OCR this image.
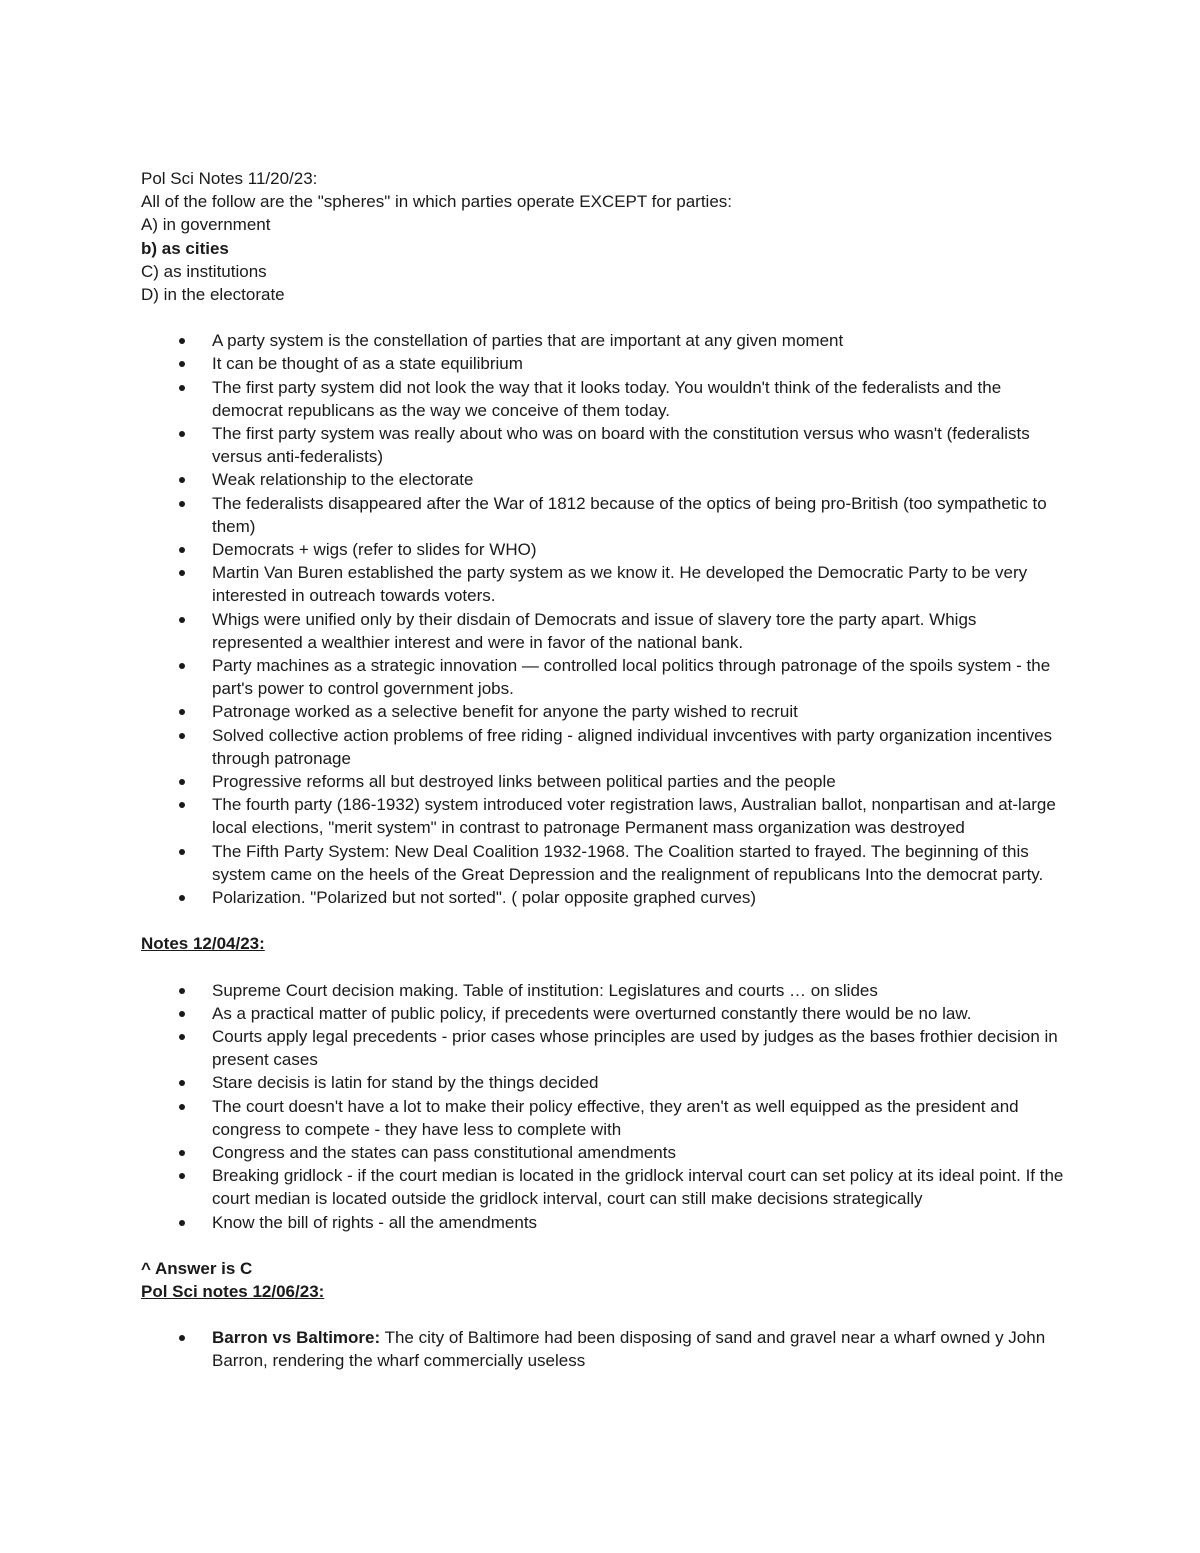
Pol Sci Notes 11/20/23:

All of the follow are the "spheres" in which parties operate EXCEPT for parties:

A) in government

b) as cities

C) as institutions

D) in the electorate

A party system is the constellation of parties that are important at any given moment
It can be thought of as a state equilibrium
The first party system did not look the way that it looks today. You wouldn't think of the federalists and the democrat republicans as the way we conceive of them today.
The first party system was really about who was on board with the constitution versus who wasn't (federalists versus anti-federalists)
Weak relationship to the electorate
The federalists disappeared after the War of 1812 because of the optics of being pro-British (too sympathetic to them)
Democrats + wigs (refer to slides for WHO)
Martin Van Buren established the party system as we know it. He developed the Democratic Party to be very interested in outreach towards voters.
Whigs were unified only by their disdain of Democrats and issue of slavery tore the party apart. Whigs represented a wealthier interest and were in favor of the national bank.
Party machines as a strategic innovation — controlled local politics through patronage of the spoils system - the part's power to control government jobs.
Patronage worked as a selective benefit for anyone the party wished to recruit
Solved collective action problems of free riding - aligned individual invcentives with party organization incentives through patronage
Progressive reforms all but destroyed links between political parties and the people
The fourth party (186-1932) system introduced voter registration laws, Australian ballot, nonpartisan and at-large local elections, "merit system" in contrast to patronage Permanent mass organization was destroyed
The Fifth Party System: New Deal Coalition 1932-1968. The Coalition started to frayed. The beginning of this system came on the heels of the Great Depression and the realignment of republicans Into the democrat party.
Polarization. "Polarized but not sorted". ( polar opposite graphed curves)

Notes 12/04/23:

Supreme Court decision making. Table of institution: Legislatures and courts … on slides
As a practical matter of public policy, if precedents were overturned constantly there would be no law.
Courts apply legal precedents - prior cases whose principles are used by judges as the bases frothier decision in present cases
Stare decisis is latin for stand by the things decided
The court doesn't have a lot to make their policy effective, they aren't as well equipped as the president and congress to compete - they have less to complete with
Congress and the states can pass constitutional amendments
Breaking gridlock - if the court median is located in the gridlock interval court can set policy at its ideal point. If the court median is located outside the gridlock interval, court can still make decisions strategically
Know the bill of rights - all the amendments

^ Answer is C

Pol Sci notes 12/06/23:

Barron vs Baltimore: The city of Baltimore had been disposing of sand and gravel near a wharf owned y John Barron, rendering the wharf commercially useless
